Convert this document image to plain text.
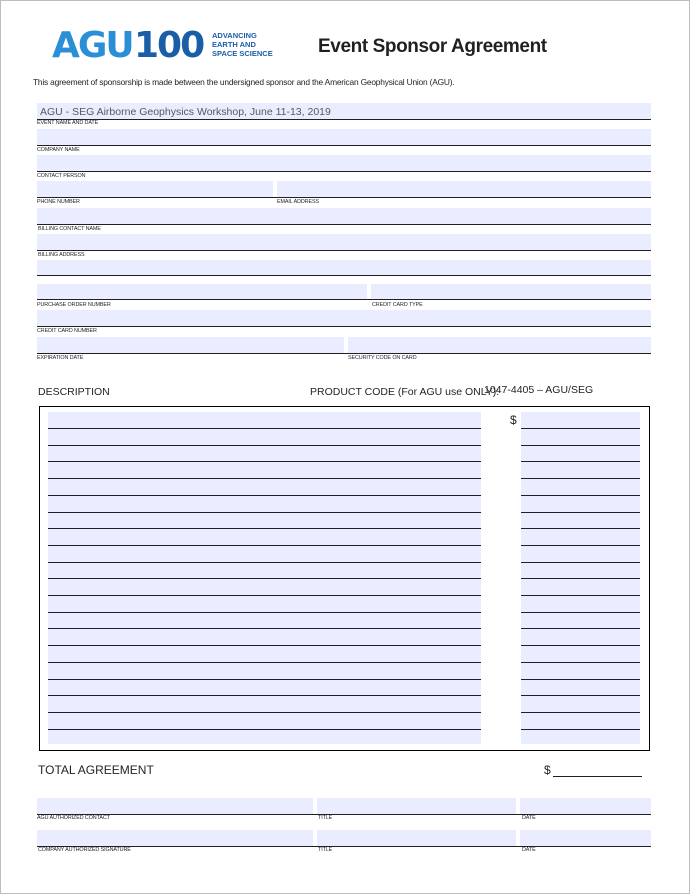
AGU 100 ADVANCING
EARTH AND
SPACE SCIENCE Event Sponsor Agreement
This agreement of sponsorship is made between the undersigned sponsor and the American Geophysical Union (AGU).
AGU - SEG Airborne Geophysics Workshop, June 11-13, 2019
EVENT NAME AND DATE
COMPANY NAME
CONTACT PERSON
PHONE NUMBER	EMAIL ADDRESS
BILLING CONTACT NAME
BILLING ADDRESS
PURCHASE ORDER NUMBER	CREDIT CARD TYPE
CREDIT CARD NUMBER
EXPIRATION DATE	SECURITY CODE ON CARD
DESCRIPTION	PRODUCT CODE (For AGU use ONLY):
1047-4405 – AGU/SEG
$
TOTAL AGREEMENT	$
AGU AUTHORIZED CONTACT	TITLE	DATE
COMPANY AUTHORIZED SIGNATURE	TITLE	DATE
